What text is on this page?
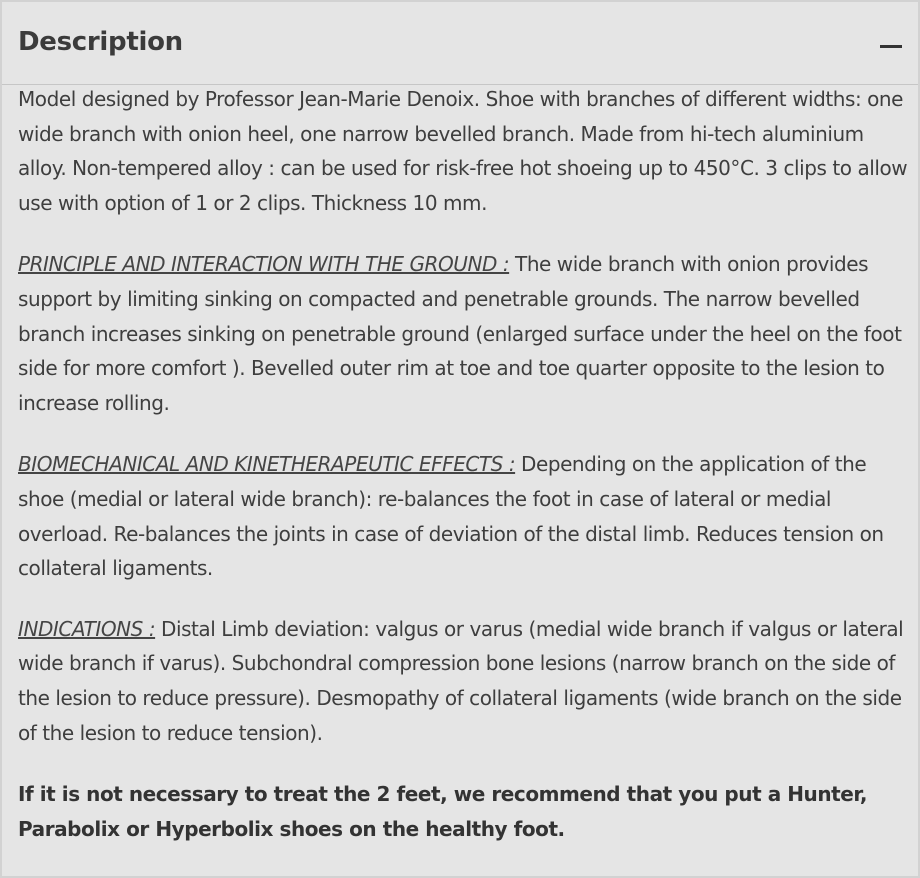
Description

Model designed by Professor Jean-Marie Denoix. Shoe with branches of different widths: one wide branch with onion heel, one narrow bevelled branch. Made from hi-tech aluminium alloy. Non-tempered alloy : can be used for risk-free hot shoeing up to 450°C. 3 clips to allow use with option of 1 or 2 clips. Thickness 10 mm.

PRINCIPLE AND INTERACTION WITH THE GROUND : The wide branch with onion provides support by limiting sinking on compacted and penetrable grounds. The narrow bevelled branch increases sinking on penetrable ground (enlarged surface under the heel on the foot side for more comfort ). Bevelled outer rim at toe and toe quarter opposite to the lesion to increase rolling.

BIOMECHANICAL AND KINETHERAPEUTIC EFFECTS : Depending on the application of the shoe (medial or lateral wide branch): re-balances the foot in case of lateral or medial overload. Re-balances the joints in case of deviation of the distal limb. Reduces tension on collateral ligaments.

INDICATIONS : Distal Limb deviation: valgus or varus (medial wide branch if valgus or lateral wide branch if varus). Subchondral compression bone lesions (narrow branch on the side of the lesion to reduce pressure). Desmopathy of collateral ligaments (wide branch on the side of the lesion to reduce tension).

If it is not necessary to treat the 2 feet, we recommend that you put a Hunter, Parabolix or Hyperbolix shoes on the healthy foot.
